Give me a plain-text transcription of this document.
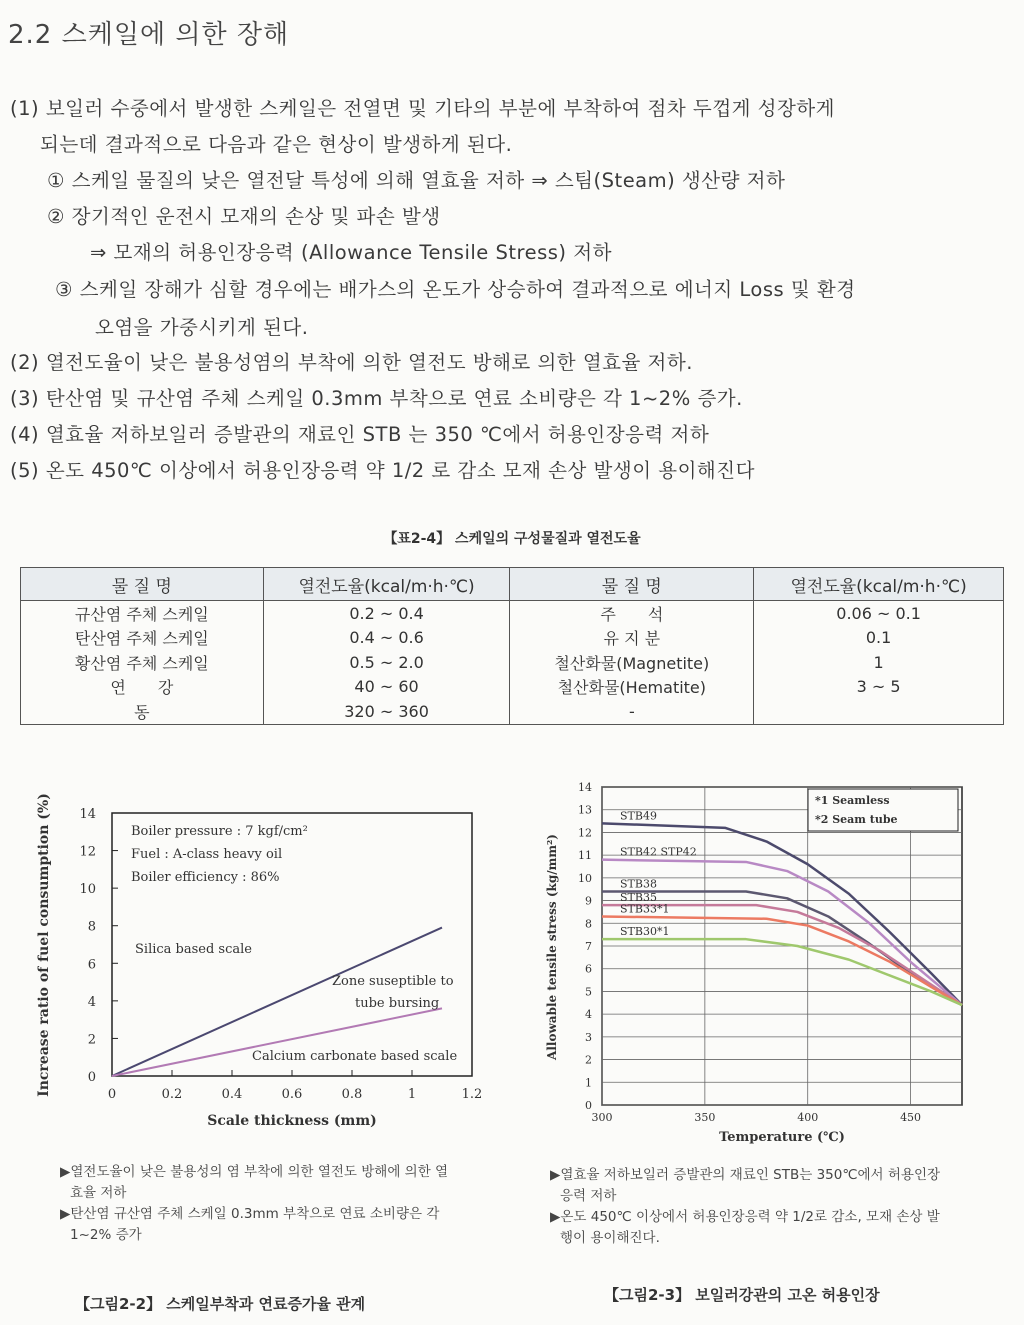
2.2 스케일에 의한 장해
(1) 보일러 수중에서 발생한 스케일은 전열면 및 기타의 부분에 부착하여 점차 두껍게 성장하게
되는데 결과적으로 다음과 같은 현상이 발생하게 된다.
① 스케일 물질의 낮은 열전달 특성에 의해 열효율 저하 ⇒ 스팀(Steam) 생산량 저하
② 장기적인 운전시 모재의 손상 및 파손 발생
⇒ 모재의 허용인장응력 (Allowance Tensile Stress) 저하
③ 스케일 장해가 심할 경우에는 배가스의 온도가 상승하여 결과적으로 에너지 Loss 및 환경
오염을 가중시키게 된다.
(2) 열전도율이 낮은 불용성염의 부착에 의한 열전도 방해로 의한 열효율 저하.
(3) 탄산염 및 규산염 주체 스케일 0.3mm 부착으로 연료 소비량은 각 1~2% 증가.
(4) 열효율 저하보일러 증발관의 재료인 STB 는 350 ℃에서 허용인장응력 저하
(5) 온도 450℃ 이상에서 허용인장응력 약 1/2 로 감소 모재 손상 발생이 용이해진다
【표2-4】 스케일의 구성물질과 열전도율
물 질 명	열전도율(kcal/m·h·℃)	물 질 명	열전도율(kcal/m·h·℃)
규산염 주체 스케일	0.2 ~ 0.4	주　　석	0.06 ~ 0.1
탄산염 주체 스케일	0.4 ~ 0.6	유 지 분	0.1
황산염 주체 스케일	0.5 ~ 2.0	철산화물(Magnetite)	1
연　　강	40 ~ 60	철산화물(Hematite)	3 ~ 5
동	320 ~ 360	-	
0
2
4
6
8
10
12
14
0	0.2	0.4	0.6	0.8	1	1.2
Boiler pressure : 7 kgf/cm²
Fuel : A-class heavy oil
Boiler efficiency : 86%
Silica based scale
Zone suseptible to
tube bursing
Calcium carbonate based scale
Scale thickness (mm)
Increase ratio of fuel consumption (%)
0
1
2
3
4
5
6
7
8
9
10
11
12
13
14
300	350	400	450
STB49
STB42 STP42
STB38
STB35
STB33*1
STB30*1
*1 Seamless
*2 Seam tube
Temperature (℃)
Allowable tensile stress (kg/mm²)
▶열전도율이 낮은 불용성의 염 부착에 의한 열전도 방해에 의한 열
효율 저하
▶탄산염 규산염 주체 스케일 0.3mm 부착으로 연료 소비량은 각
1~2% 증가
▶열효율 저하보일러 증발관의 재료인 STB는 350℃에서 허용인장
응력 저하
▶온도 450℃ 이상에서 허용인장응력 약 1/2로 감소, 모재 손상 발
행이 용이해진다.
【그림2-2】 스케일부착과 연료증가율 관계	【그림2-3】 보일러강관의 고온 허용인장
